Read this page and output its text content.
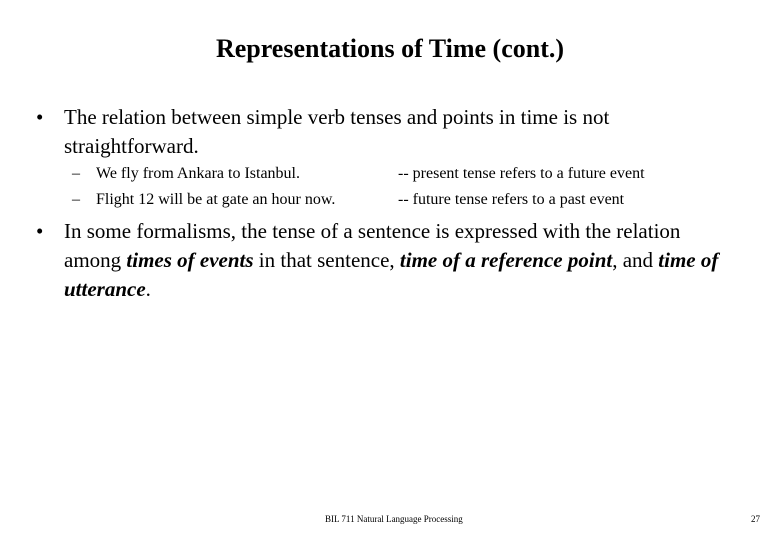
Representations of Time (cont.)
• The relation between simple verb tenses and points in time is not straightforward.
– We fly from Ankara to Istanbul.	-- present tense refers to a future event
– Flight 12 will be at gate an hour now.	-- future tense refers to a past event
• In some formalisms, the tense of a sentence is expressed with the relation among times of events in that sentence, time of a reference point, and time of utterance.
BIL 711 Natural Language Processing	27
